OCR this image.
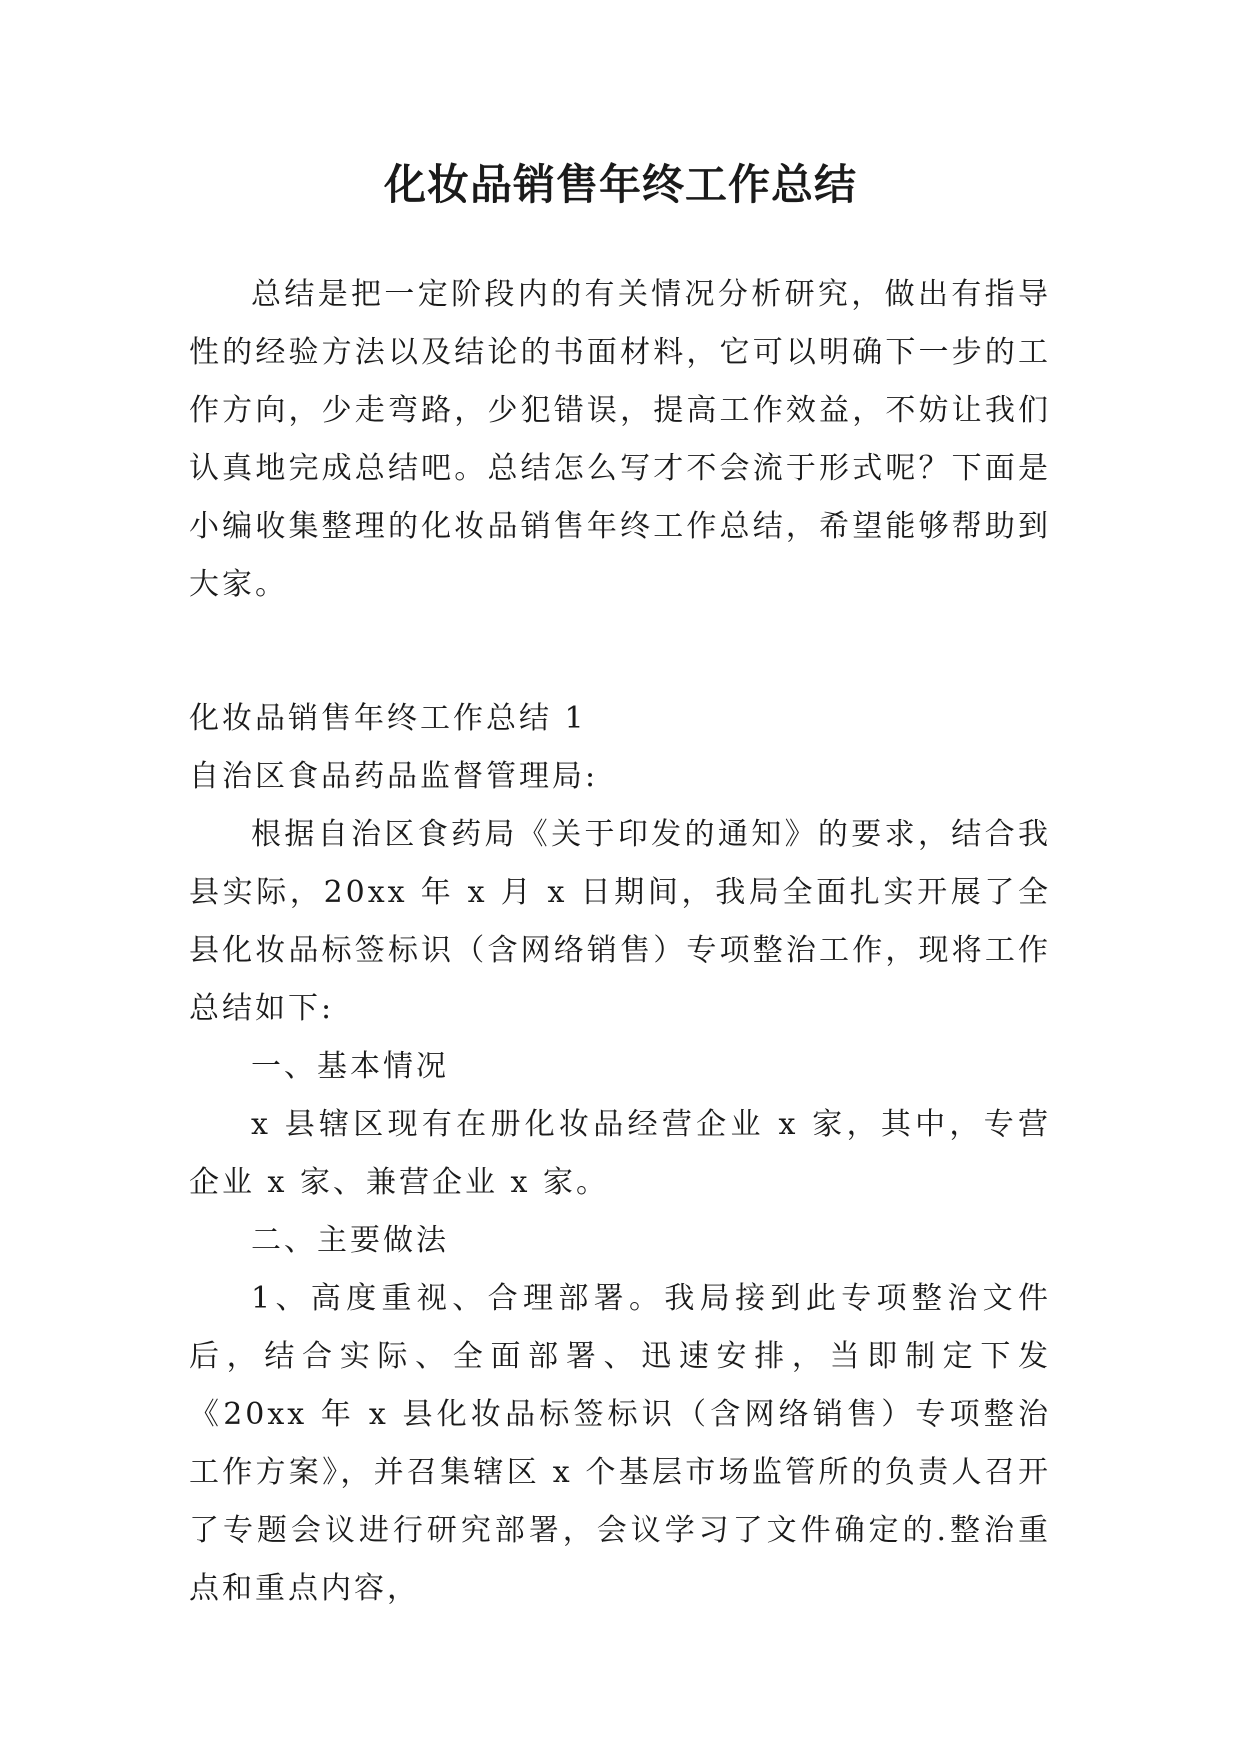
化妆品销售年终工作总结
总结是把一定阶段内的有关情况分析研究，做出有指导性的经验方法以及结论的书面材料，它可以明确下一步的工作方向，少走弯路，少犯错误，提高工作效益，不妨让我们认真地完成总结吧。总结怎么写才不会流于形式呢？下面是小编收集整理的化妆品销售年终工作总结，希望能够帮助到大家。

化妆品销售年终工作总结 1

自治区食品药品监督管理局:

根据自治区食药局《关于印发的通知》的要求，结合我县实际，20xx 年 x 月 x 日期间，我局全面扎实开展了全县化妆品标签标识（含网络销售）专项整治工作，现将工作总结如下:

一、基本情况

x 县辖区现有在册化妆品经营企业 x 家，其中，专营企业 x 家、兼营企业 x 家。

二、主要做法

1、高度重视、合理部署。我局接到此专项整治文件后，结合实际、全面部署、迅速安排，当即制定下发《20xx 年 x 县化妆品标签标识（含网络销售）专项整治工作方案》，并召集辖区 x 个基层市场监管所的负责人召开了专题会议进行研究部署，会议学习了文件确定的.整治重点和重点内容，
